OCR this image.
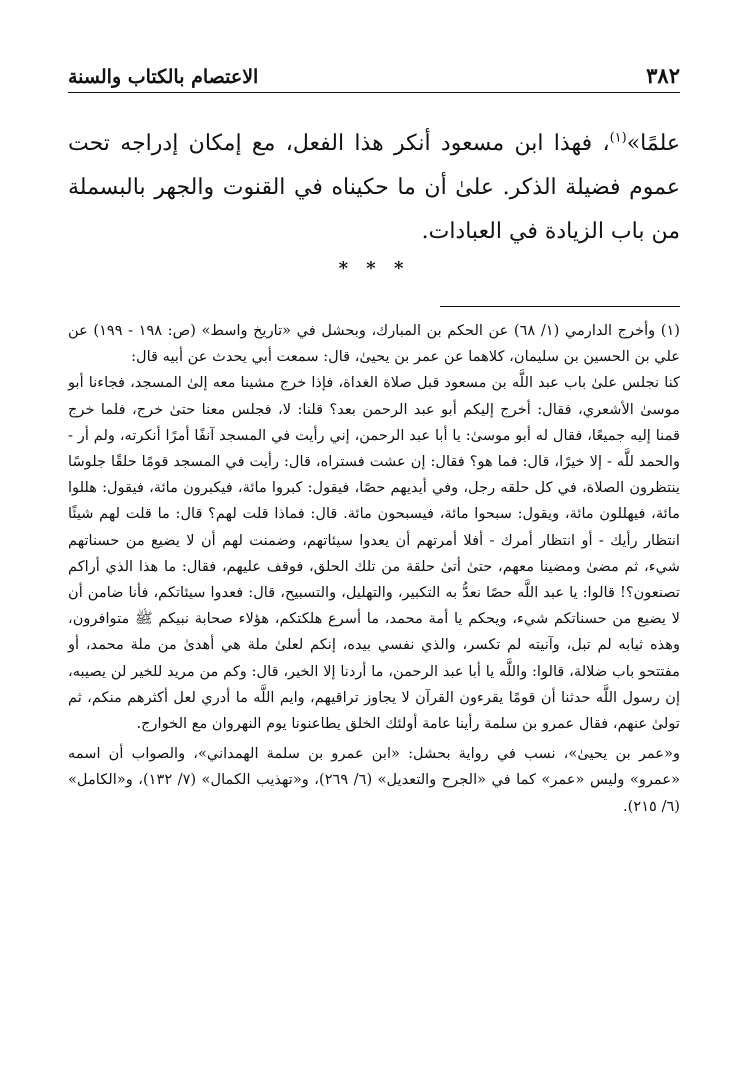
٣٨٢
الاعتصام بالكتاب والسنة

علمًا»$^{(١)}$، فهذا ابن مسعود أنكر هذا الفعل، مع إمكان إدراجه تحت عموم فضيلة الذكر. علىٰ أن ما حكيناه في القنوت والجهر بالبسملة من باب الزيادة في العبادات.

* * *

(١) وأخرج الدارمي (١/ ٦٨) عن الحكم بن المبارك، وبحشل في «تاريخ واسط» (ص: ١٩٨ - ١٩٩) عن علي بن الحسين بن سليمان، كلاهما عن عمر بن يحيىٰ، قال: سمعت أبي يحدث عن أبيه قال:

كنا نجلس علىٰ باب عبد اللَّه بن مسعود قبل صلاة الغداة، فإذا خرج مشينا معه إلىٰ المسجد، فجاءنا أبو موسىٰ الأشعري، فقال: أخرج إليكم أبو عبد الرحمن بعد؟ قلنا: لا، فجلس معنا حتىٰ خرج، فلما خرج قمنا إليه جميعًا، فقال له أبو موسىٰ: يا أبا عبد الرحمن، إني رأيت في المسجد آنفًا أمرًا أنكرته، ولم أر - والحمد للَّه - إلا خيرًا، قال: فما هو؟ فقال: إن عشت فستراه، قال: رأيت في المسجد قومًا حلقًا جلوسًا ينتظرون الصلاة، في كل حلقه رجل، وفي أيديهم حصًا، فيقول: كبروا مائة، فيكبرون مائة، فيقول: هللوا مائة، فيهللون مائة، ويقول: سبحوا مائة، فيسبحون مائة. قال: فماذا قلت لهم؟ قال: ما قلت لهم شيئًا انتظار رأيك - أو انتظار أمرك - أفلا أمرتهم أن يعدوا سيئاتهم، وضمنت لهم أن لا يضيع من حسناتهم شيء، ثم مضىٰ ومضينا معهم، حتىٰ أتىٰ حلقة من تلك الحلق، فوقف عليهم، فقال: ما هذا الذي أراكم تصنعون؟! قالوا: يا عبد اللَّه حصًا نعدُّ به التكبير، والتهليل، والتسبيح، قال: فعدوا سيئاتكم، فأنا ضامن أن لا يضيع من حسناتكم شيء، ويحكم يا أمة محمد، ما أسرع هلكتكم، هؤلاء صحابة نبيكم ﷺ متوافرون، وهذه ثيابه لم تبل، وآنيته لم تكسر، والذي نفسي بيده، إنكم لعلىٰ ملة هي أهدىٰ من ملة محمد، أو مفتتحو باب ضلالة، قالوا: واللَّه يا أبا عبد الرحمن، ما أردنا إلا الخير، قال: وكم من مريد للخير لن يصيبه، إن رسول اللَّه حدثنا أن قومًا يقرءون القرآن لا يجاوز تراقيهم، وايم اللَّه ما أدري لعل أكثرهم منكم، ثم تولىٰ عنهم، فقال عمرو بن سلمة رأينا عامة أولئك الخلق يطاعنونا يوم النهروان مع الخوارج.

و«عمر بن يحيىٰ»، نسب في رواية بحشل: «ابن عمرو بن سلمة الهمداني»، والصواب أن اسمه «عمرو» وليس «عمر» كما في «الجرح والتعديل» (٦/ ٢٦٩)، و«تهذيب الكمال» (٧/ ١٣٢)، و«الكامل» (٦/ ٢١٥).
